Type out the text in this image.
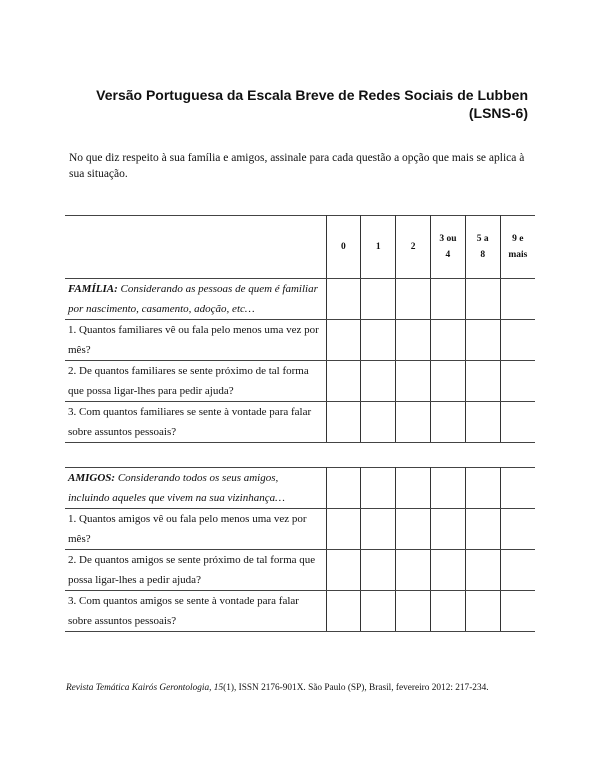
Versão Portuguesa da Escala Breve de Redes Sociais de Lubben
(LSNS-6)
No que diz respeito à sua família e amigos, assinale para cada questão a opção que mais se aplica à sua situação.
	0	1	2	3 ou 4	5 a 8	9 e mais
FAMÍLIA: Considerando as pessoas de quem é familiar por nascimento, casamento, adoção, etc…						
1. Quantos familiares vê ou fala pelo menos uma vez por mês?						
2. De quantos familiares se sente próximo de tal forma que possa ligar-lhes para pedir ajuda?						
3. Com quantos familiares se sente à vontade para falar sobre assuntos pessoais?						
AMIGOS: Considerando todos os seus amigos, incluindo aqueles que vivem na sua vizinhança…						
1. Quantos amigos vê ou fala pelo menos uma vez por mês?						
2. De quantos amigos se sente próximo de tal forma que possa ligar-lhes a pedir ajuda?						
3. Com quantos amigos se sente à vontade para falar sobre assuntos pessoais?						
Revista Temática Kairós Gerontologia, 15(1), ISSN 2176-901X. São Paulo (SP), Brasil, fevereiro 2012: 217-234.
